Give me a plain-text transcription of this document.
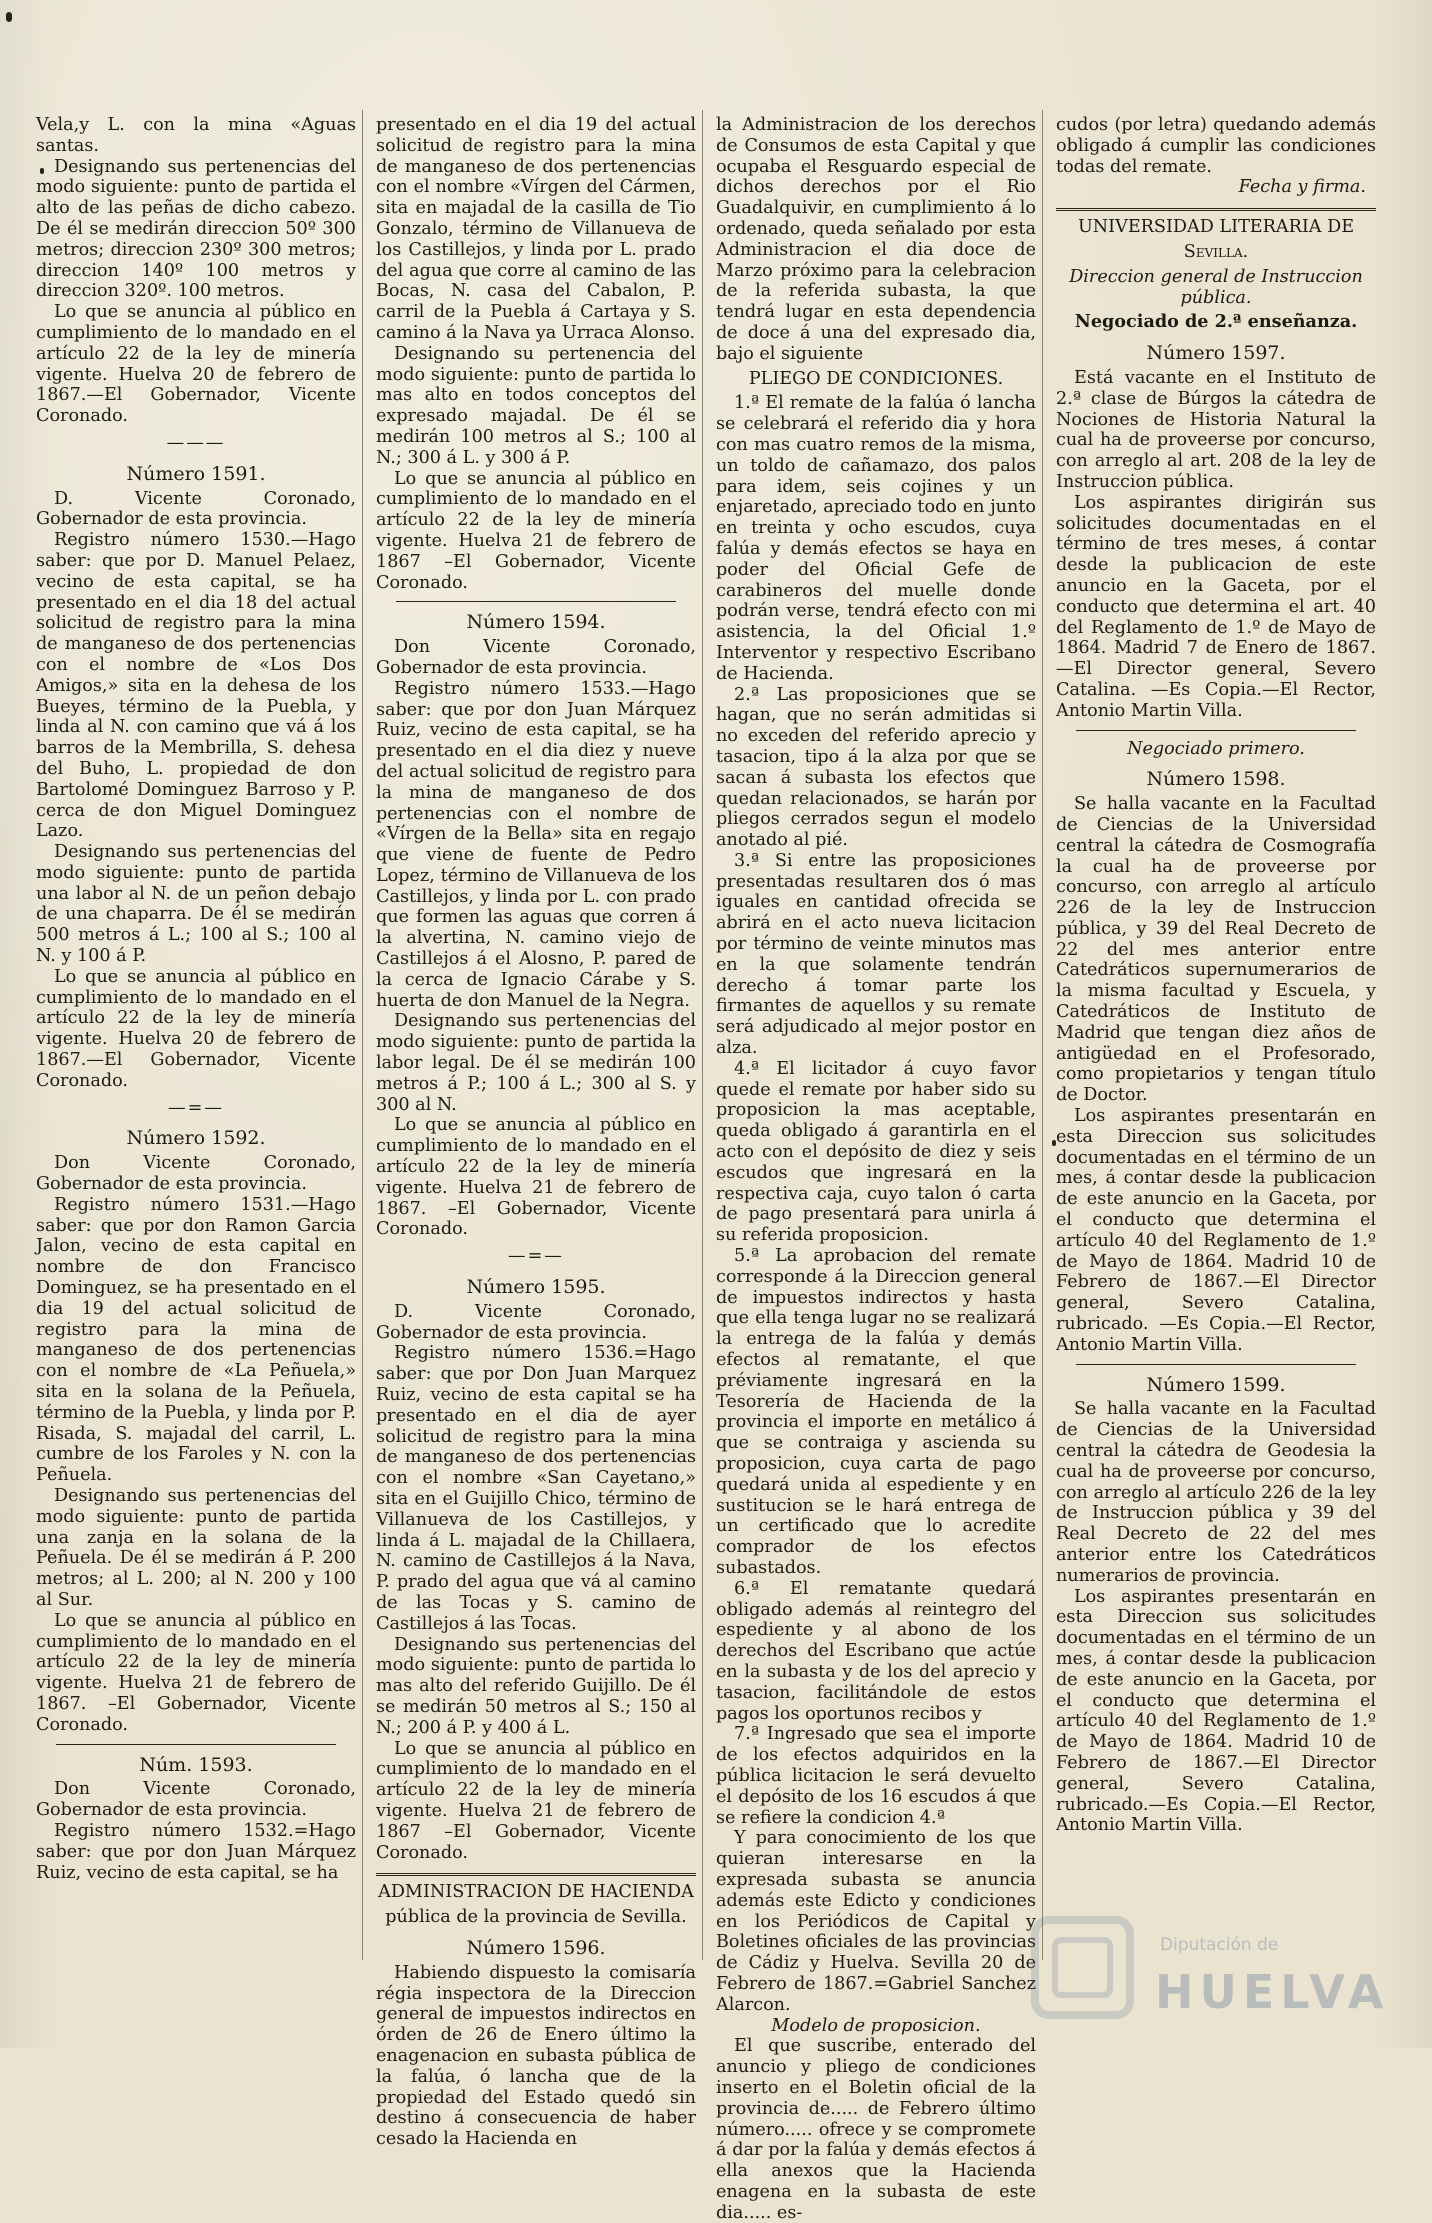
Vela,y L. con la mina «Aguas santas.

Designando sus pertenencias del modo siguiente: punto de partida el alto de las peñas de dicho cabezo. De él se medirán direccion 50º 300 metros; direccion 230º 300 metros; direccion 140º 100 metros y direccion 320º. 100 metros.

Lo que se anuncia al público en cumplimiento de lo mandado en el artículo 22 de la ley de minería vigente. Huelva 20 de febrero de 1867.—El Gobernador, Vicente Coronado.

———

Número 1591.

D. Vicente Coronado, Gobernador de esta provincia.

Registro número 1530.—Hago saber: que por D. Manuel Pelaez, vecino de esta capital, se ha presentado en el dia 18 del actual solicitud de registro para la mina de manganeso de dos pertenencias con el nombre de «Los Dos Amigos,» sita en la dehesa de los Bueyes, término de la Puebla, y linda al N. con camino que vá á los barros de la Membrilla, S. dehesa del Buho, L. propiedad de don Bartolomé Dominguez Barroso y P. cerca de don Miguel Dominguez Lazo.

Designando sus pertenencias del modo siguiente: punto de partida una labor al N. de un peñon debajo de una chaparra. De él se medirán 500 metros á L.; 100 al S.; 100 al N. y 100 á P.

Lo que se anuncia al público en cumplimiento de lo mandado en el artículo 22 de la ley de minería vigente. Huelva 20 de febrero de 1867.—El Gobernador, Vicente Coronado.

—=—

Número 1592.

Don Vicente Coronado, Gobernador de esta provincia.

Registro número 1531.—Hago saber: que por don Ramon Garcia Jalon, vecino de esta capital en nombre de don Francisco Dominguez, se ha presentado en el dia 19 del actual solicitud de registro para la mina de manganeso de dos pertenencias con el nombre de «La Peñuela,» sita en la solana de la Peñuela, término de la Puebla, y linda por P. Risada, S. majadal del carril, L. cumbre de los Faroles y N. con la Peñuela.

Designando sus pertenencias del modo siguiente: punto de partida una zanja en la solana de la Peñuela. De él se medirán á P. 200 metros; al L. 200; al N. 200 y 100 al Sur.

Lo que se anuncia al público en cumplimiento de lo mandado en el artículo 22 de la ley de minería vigente. Huelva 21 de febrero de 1867. –El Gobernador, Vicente Coronado.

Núm. 1593.

Don Vicente Coronado, Gobernador de esta provincia.

Registro número 1532.=Hago saber: que por don Juan Márquez Ruiz, vecino de esta capital, se ha

presentado en el dia 19 del actual solicitud de registro para la mina de manganeso de dos pertenencias con el nombre «Vírgen del Cármen, sita en majadal de la casilla de Tio Gonzalo, término de Villanueva de los Castillejos, y linda por L. prado del agua que corre al camino de las Bocas, N. casa del Cabalon, P. carril de la Puebla á Cartaya y S. camino á la Nava ya Urraca Alonso.

Designando su pertenencia del modo siguiente: punto de partida lo mas alto en todos conceptos del expresado majadal. De él se medirán 100 metros al S.; 100 al N.; 300 á L. y 300 á P.

Lo que se anuncia al público en cumplimiento de lo mandado en el artículo 22 de la ley de minería vigente. Huelva 21 de febrero de 1867 –El Gobernador, Vicente Coronado.

Número 1594.

Don Vicente Coronado, Gobernador de esta provincia.

Registro número 1533.—Hago saber: que por don Juan Márquez Ruiz, vecino de esta capital, se ha presentado en el dia diez y nueve del actual solicitud de registro para la mina de manganeso de dos pertenencias con el nombre de «Vírgen de la Bella» sita en regajo que viene de fuente de Pedro Lopez, término de Villanueva de los Castillejos, y linda por L. con prado que formen las aguas que corren á la alvertina, N. camino viejo de Castillejos á el Alosno, P. pared de la cerca de Ignacio Cárabe y S. huerta de don Manuel de la Negra.

Designando sus pertenencias del modo siguiente: punto de partida la labor legal. De él se medirán 100 metros á P.; 100 á L.; 300 al S. y 300 al N.

Lo que se anuncia al público en cumplimiento de lo mandado en el artículo 22 de la ley de minería vigente. Huelva 21 de febrero de 1867. –El Gobernador, Vicente Coronado.

—=—

Número 1595.

D. Vicente Coronado, Gobernador de esta provincia.

Registro número 1536.=Hago saber: que por Don Juan Marquez Ruiz, vecino de esta capital se ha presentado en el dia de ayer solicitud de registro para la mina de manganeso de dos pertenencias con el nombre «San Cayetano,» sita en el Guijillo Chico, término de Villanueva de los Castillejos, y linda á L. majadal de la Chillaera, N. camino de Castillejos á la Nava, P. prado del agua que vá al camino de las Tocas y S. camino de Castillejos á las Tocas.

Designando sus pertenencias del modo siguiente: punto de partida lo mas alto del referido Guijillo. De él se medirán 50 metros al S.; 150 al N.; 200 á P. y 400 á L.

Lo que se anuncia al público en cumplimiento de lo mandado en el artículo 22 de la ley de minería vigente. Huelva 21 de febrero de 1867 –El Gobernador, Vicente Coronado.

ADMINISTRACION DE HACIENDA

pública de la provincia de Sevilla.

Número 1596.

Habiendo dispuesto la comisaría régia inspectora de la Direccion general de impuestos indirectos en órden de 26 de Enero último la enagenacion en subasta pública de la falúa, ó lancha que de la propiedad del Estado quedó sin destino á consecuencia de haber cesado la Hacienda en

la Administracion de los derechos de Consumos de esta Capital y que ocupaba el Resguardo especial de dichos derechos por el Rio Guadalquivir, en cumplimiento á lo ordenado, queda señalado por esta Administracion el dia doce de Marzo próximo para la celebracion de la referida subasta, la que tendrá lugar en esta dependencia de doce á una del expresado dia, bajo el siguiente

PLIEGO DE CONDICIONES.

1.ª El remate de la falúa ó lancha se celebrará el referido dia y hora con mas cuatro remos de la misma, un toldo de cañamazo, dos palos para idem, seis cojines y un enjaretado, apreciado todo en junto en treinta y ocho escudos, cuya falúa y demás efectos se haya en poder del Oficial Gefe de carabineros del muelle donde podrán verse, tendrá efecto con mi asistencia, la del Oficial 1.º Interventor y respectivo Escribano de Hacienda.

2.ª Las proposiciones que se hagan, que no serán admitidas si no exceden del referido aprecio y tasacion, tipo á la alza por que se sacan á subasta los efectos que quedan relacionados, se harán por pliegos cerrados segun el modelo anotado al pié.

3.ª Si entre las proposiciones presentadas resultaren dos ó mas iguales en cantidad ofrecida se abrirá en el acto nueva licitacion por término de veinte minutos mas en la que solamente tendrán derecho á tomar parte los firmantes de aquellos y su remate será adjudicado al mejor postor en alza.

4.ª El licitador á cuyo favor quede el remate por haber sido su proposicion la mas aceptable, queda obligado á garantirla en el acto con el depósito de diez y seis escudos que ingresará en la respectiva caja, cuyo talon ó carta de pago presentará para unirla á su referida proposicion.

5.ª La aprobacion del remate corresponde á la Direccion general de impuestos indirectos y hasta que ella tenga lugar no se realizará la entrega de la falúa y demás efectos al rematante, el que préviamente ingresará en la Tesorería de Hacienda de la provincia el importe en metálico á que se contraiga y ascienda su proposicion, cuya carta de pago quedará unida al espediente y en sustitucion se le hará entrega de un certificado que lo acredite comprador de los efectos subastados.

6.ª El rematante quedará obligado además al reintegro del espediente y al abono de los derechos del Escribano que actúe en la subasta y de los del aprecio y tasacion, facilitándole de estos pagos los oportunos recibos y

7.ª Ingresado que sea el importe de los efectos adquiridos en la pública licitacion le será devuelto el depósito de los 16 escudos á que se refiere la condicion 4.ª

Y para conocimiento de los que quieran interesarse en la expresada subasta se anuncia además este Edicto y condiciones en los Periódicos de Capital y Boletines oficiales de las provincias de Cádiz y Huelva. Sevilla 20 de Febrero de 1867.=Gabriel Sanchez Alarcon.

Modelo de proposicion.

El que suscribe, enterado del anuncio y pliego de condiciones inserto en el Boletin oficial de la provincia de..... de Febrero último número..... ofrece y se compromete á dar por la falúa y demás efectos á ella anexos que la Hacienda enagena en la subasta de este dia..... es-

cudos (por letra) quedando además obligado á cumplir las condiciones todas del remate.

Fecha y firma.

UNIVERSIDAD LITERARIA DE

Sevilla.

Direccion general de Instruccion pública.

Negociado de 2.ª enseñanza.

Número 1597.

Está vacante en el Instituto de 2.ª clase de Búrgos la cátedra de Nociones de Historia Natural la cual ha de proveerse por concurso, con arreglo al art. 208 de la ley de Instruccion pública.

Los aspirantes dirigirán sus solicitudes documentadas en el término de tres meses, á contar desde la publicacion de este anuncio en la Gaceta, por el conducto que determina el art. 40 del Reglamento de 1.º de Mayo de 1864. Madrid 7 de Enero de 1867.—El Director general, Severo Catalina. —Es Copia.—El Rector, Antonio Martin Villa.

Negociado primero.

Número 1598.

Se halla vacante en la Facultad de Ciencias de la Universidad central la cátedra de Cosmografía la cual ha de proveerse por concurso, con arreglo al artículo 226 de la ley de Instruccion pública, y 39 del Real Decreto de 22 del mes anterior entre Catedráticos supernumerarios de la misma facultad y Escuela, y Catedráticos de Instituto de Madrid que tengan diez años de antigüedad en el Profesorado, como propietarios y tengan título de Doctor.

Los aspirantes presentarán en esta Direccion sus solicitudes documentadas en el término de un mes, á contar desde la publicacion de este anuncio en la Gaceta, por el conducto que determina el artículo 40 del Reglamento de 1.º de Mayo de 1864. Madrid 10 de Febrero de 1867.—El Director general, Severo Catalina, rubricado. —Es Copia.—El Rector, Antonio Martin Villa.

Número 1599.

Se halla vacante en la Facultad de Ciencias de la Universidad central la cátedra de Geodesia la cual ha de proveerse por concurso, con arreglo al artículo 226 de la ley de Instruccion pública y 39 del Real Decreto de 22 del mes anterior entre los Catedráticos numerarios de provincia.

Los aspirantes presentarán en esta Direccion sus solicitudes documentadas en el término de un mes, á contar desde la publicacion de este anuncio en la Gaceta, por el conducto que determina el artículo 40 del Reglamento de 1.º de Mayo de 1864. Madrid 10 de Febrero de 1867.—El Director general, Severo Catalina, rubricado.—Es Copia.—El Rector, Antonio Martin Villa.

Diputación de
HUELVA
